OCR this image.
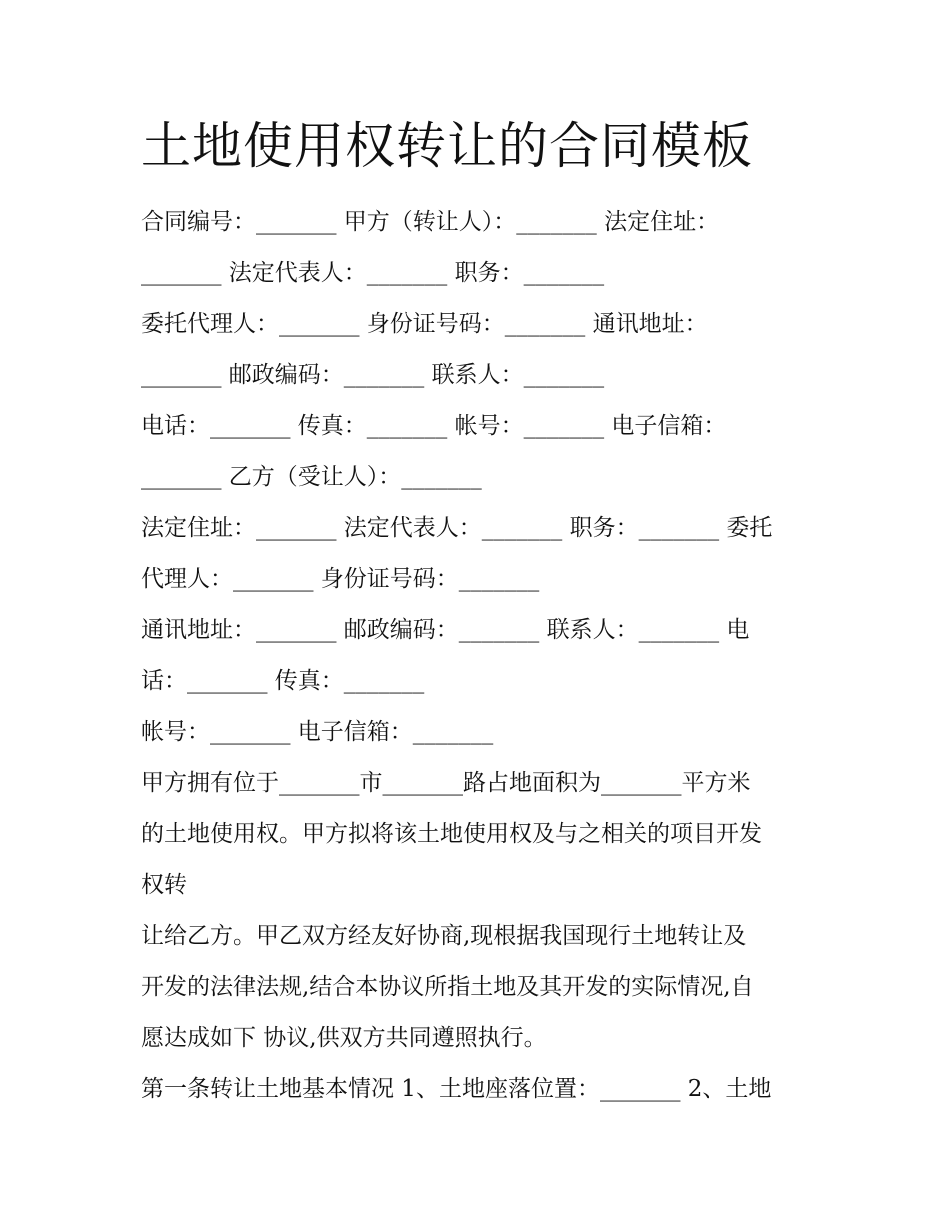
土地使用权转让的合同模板

合同编号：_______ 甲方（转让人）：_______ 法定住址：

_______ 法定代表人：_______ 职务：_______

委托代理人：_______ 身份证号码：_______ 通讯地址：

_______ 邮政编码：_______ 联系人：_______

电话：_______ 传真：_______ 帐号：_______ 电子信箱：

_______ 乙方（受让人）：_______

法定住址：_______ 法定代表人：_______ 职务：_______ 委托

代理人：_______ 身份证号码：_______

通讯地址：_______ 邮政编码：_______ 联系人：_______ 电

话：_______ 传真：_______

帐号：_______ 电子信箱：_______

甲方拥有位于_______市_______路占地面积为_______平方米

的土地使用权。甲方拟将该土地使用权及与之相关的项目开发

权转

让给乙方。甲乙双方经友好协商,现根据我国现行土地转让及

开发的法律法规,结合本协议所指土地及其开发的实际情况,自

愿达成如下 协议,供双方共同遵照执行。

第一条转让土地基本情况 1、土地座落位置：_______ 2、土地
